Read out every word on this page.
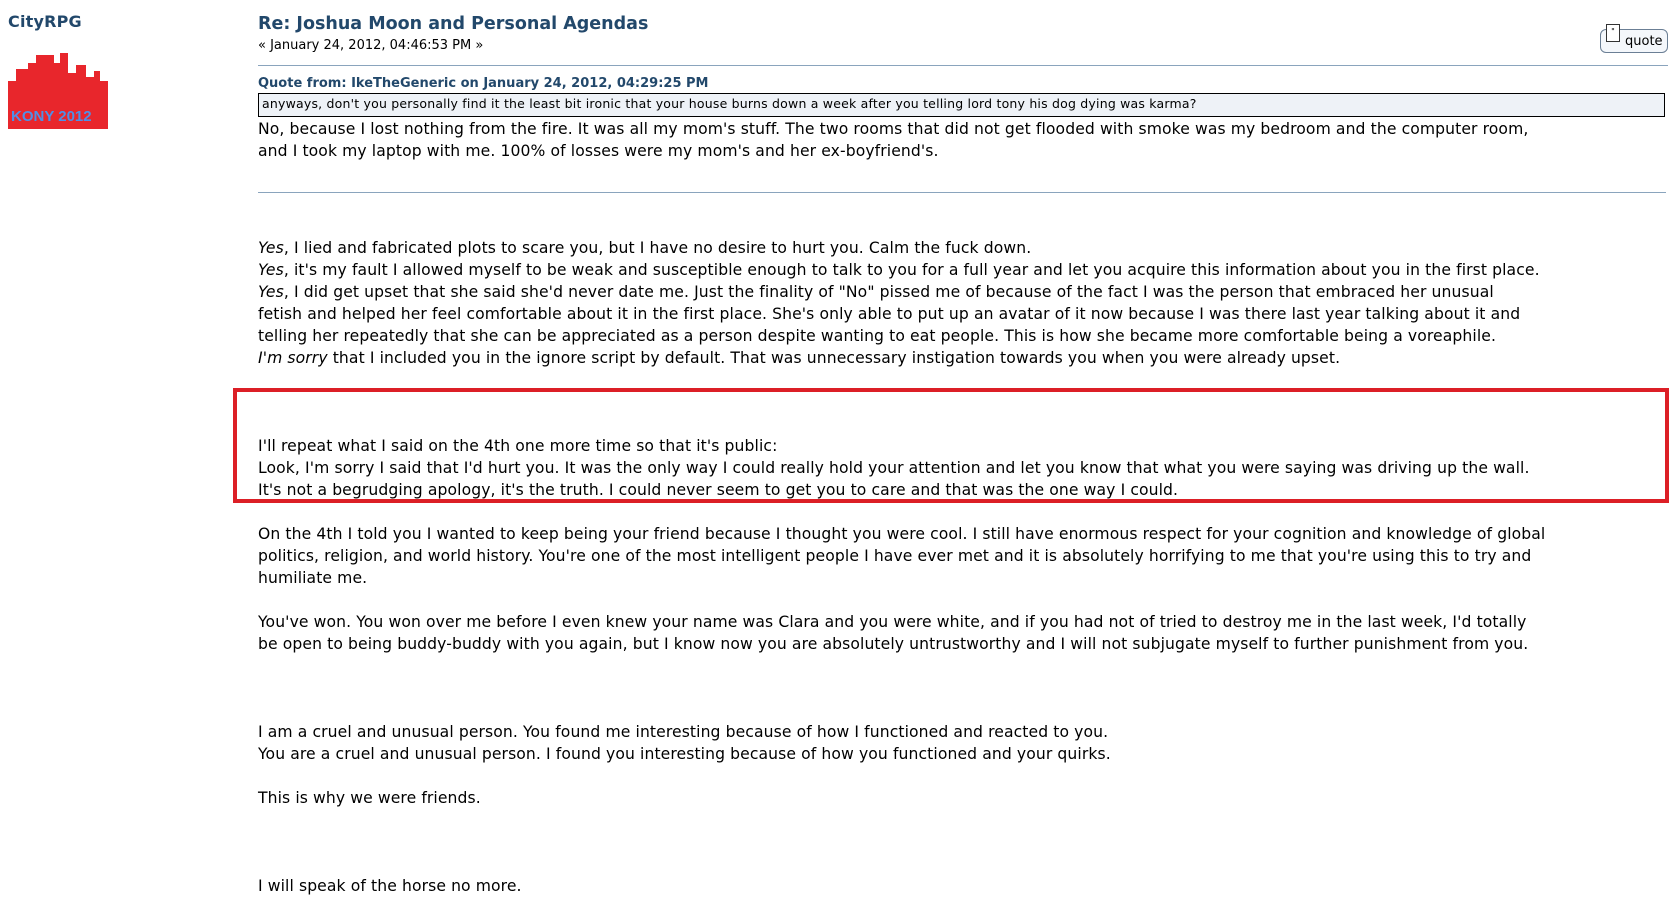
CityRPG
KONY 2012
Re: Joshua Moon and Personal Agendas
« January 24, 2012, 04:46:53 PM »
"
quote
Quote from: IkeTheGeneric on January 24, 2012, 04:29:25 PM
anyways, don't you personally find it the least bit ironic that your house burns down a week after you telling lord tony his dog dying was karma?

No, because I lost nothing from the fire. It was all my mom's stuff. The two rooms that did not get flooded with smoke was my bedroom and the computer room,

and I took my laptop with me. 100% of losses were my mom's and her ex-boyfriend's.

Yes, I lied and fabricated plots to scare you, but I have no desire to hurt you. Calm the fuck down.

Yes, it's my fault I allowed myself to be weak and susceptible enough to talk to you for a full year and let you acquire this information about you in the first place.

Yes, I did get upset that she said she'd never date me. Just the finality of "No" pissed me of because of the fact I was the person that embraced her unusual

fetish and helped her feel comfortable about it in the first place. She's only able to put up an avatar of it now because I was there last year talking about it and

telling her repeatedly that she can be appreciated as a person despite wanting to eat people. This is how she became more comfortable being a voreaphile.

I'm sorry that I included you in the ignore script by default. That was unnecessary instigation towards you when you were already upset.

I'll repeat what I said on the 4th one more time so that it's public:

Look, I'm sorry I said that I'd hurt you. It was the only way I could really hold your attention and let you know that what you were saying was driving up the wall.

It's not a begrudging apology, it's the truth. I could never seem to get you to care and that was the one way I could.

On the 4th I told you I wanted to keep being your friend because I thought you were cool. I still have enormous respect for your cognition and knowledge of global

politics, religion, and world history. You're one of the most intelligent people I have ever met and it is absolutely horrifying to me that you're using this to try and

humiliate me.

You've won. You won over me before I even knew your name was Clara and you were white, and if you had not of tried to destroy me in the last week, I'd totally

be open to being buddy-buddy with you again, but I know now you are absolutely untrustworthy and I will not subjugate myself to further punishment from you.

I am a cruel and unusual person. You found me interesting because of how I functioned and reacted to you.

You are a cruel and unusual person. I found you interesting because of how you functioned and your quirks.

This is why we were friends.

I will speak of the horse no more.
